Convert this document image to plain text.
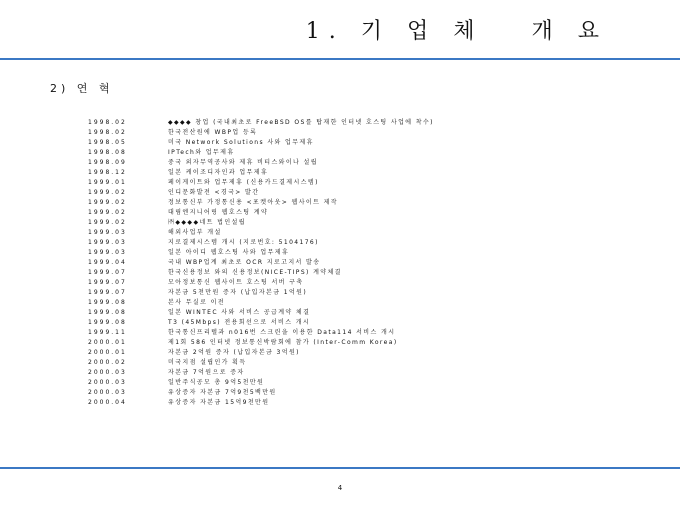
1. 기 업 체   개 요
2) 연 혁
1998.02	◆◆◆◆ 창업 (국내최초로 FreeBSD OS를 탑재한 인터넷 호스팅 사업에 착수)
1998.02	한국전산원에 WBP업 등록
1998.05	미국 Network Solutions 사와 업무제휴
1998.08	IPTech와 업무제휴
1998.09	중국 외자무역공사와 제휴 비티스와이나 설립
1998.12	일본 케이조디자인과 업무제휴
1999.01	페이게이트와 업무제휴 (신용카드결제시스템)
1999.02	인디문화발전 <경국> 발간
1999.02	정보통신부 가정통신용 <포켓아웃> 웹사이트 제작
1999.02	대림엔지니어링 웹호스팅 계약
1999.02	㈜◆◆◆◆네트 법인설립
1999.03	해외사업부 개설
1999.03	지로결제시스템 개시 (지로번호: 5104176)
1999.03	일본 아이디 웹호스팅 사와 업무제휴
1999.04	국내 WBP업계 최초로 OCR 지로고지서 발송
1999.07	한국신용정보 와의 신용정보(NICE-TIPS) 계약체결
1999.07	모아정보통신 웹사이트 호스팅 서버 구축
1999.07	자본금 5천만원 증자 (납입자본금 1억원)
1999.08	본사 무실로 이전
1999.08	일본 WINTEC 사와 서비스 공급계약 체결
1999.08	T3 (45Mbps) 전용회선으로 서비스 개시
1999.11	한국통신프리텔과 n016번 스크린을 이용한 Data114 서비스 개시
2000.01	제1회 586 인터넷 정보통신박람회에 참가 (Inter-Comm Korea)
2000.01	자본금 2억원 증자 (납입자본금 3억원)
2000.02	미국지점 설립인가 획득
2000.03	자본금 7억원으로 증자
2000.03	일반주식공모 총 9억5천만원
2000.03	유상증자 자본금 7억9천5백만원
2000.04	유상증자 자본금 15억9천만원
4
